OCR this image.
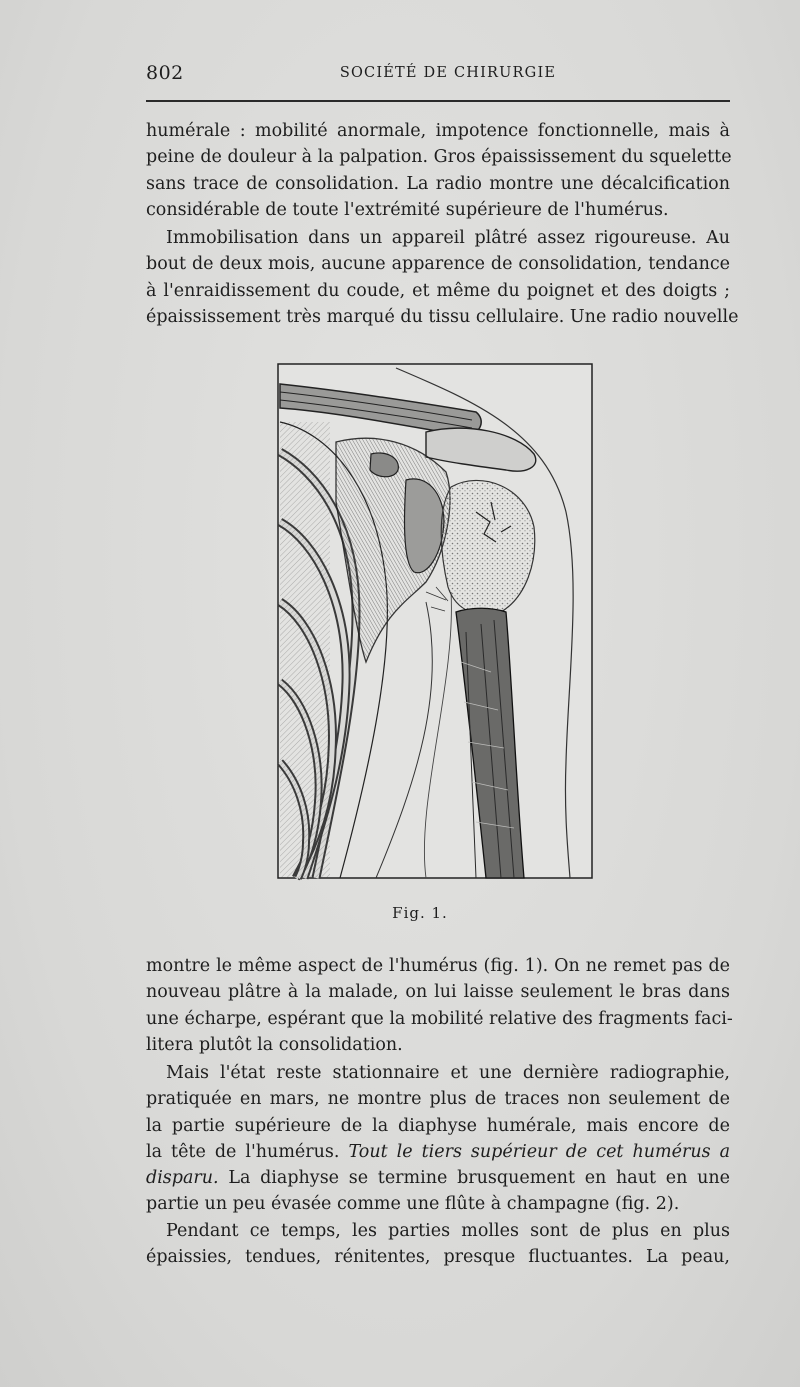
802	SOCIÉTÉ DE CHIRURGIE
humérale : mobilité anormale, impotence fonctionnelle, mais à
peine de douleur à la palpation. Gros épaississement du squelette
sans trace de consolidation. La radio montre une décalcification
considérable de toute l'extrémité supérieure de l'humérus.
Immobilisation dans un appareil plâtré assez rigoureuse. Au
bout de deux mois, aucune apparence de consolidation, tendance
à l'enraidissement du coude, et même du poignet et des doigts ;
épaississement très marqué du tissu cellulaire. Une radio nouvelle
Fig. 1.
montre le même aspect de l'humérus (fig. 1). On ne remet pas de
nouveau plâtre à la malade, on lui laisse seulement le bras dans
une écharpe, espérant que la mobilité relative des fragments faci-
litera plutôt la consolidation.
Mais l'état reste stationnaire et une dernière radiographie,
pratiquée en mars, ne montre plus de traces non seulement de
la partie supérieure de la diaphyse humérale, mais encore de
la tête de l'humérus. Tout le tiers supérieur de cet humérus a
disparu. La diaphyse se termine brusquement en haut en une
partie un peu évasée comme une flûte à champagne (fig. 2).
Pendant ce temps, les parties molles sont de plus en plus
épaissies, tendues, rénitentes, presque fluctuantes. La peau,
